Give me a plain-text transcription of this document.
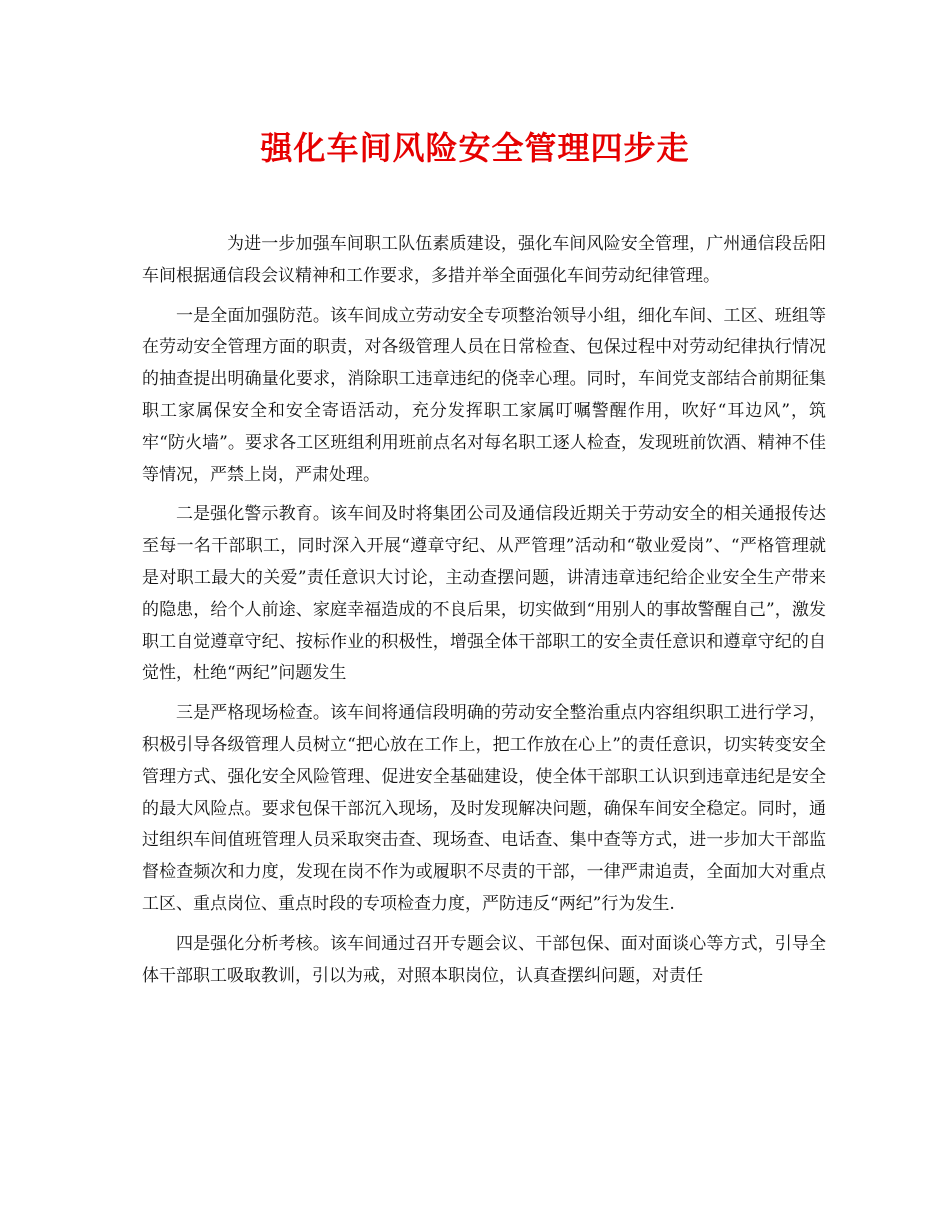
强化车间风险安全管理四步走

为进一步加强车间职工队伍素质建设，强化车间风险安全管理，广州通信段岳阳车间根据通信段会议精神和工作要求，多措并举全面强化车间劳动纪律管理。

一是全面加强防范。该车间成立劳动安全专项整治领导小组，细化车间、工区、班组等在劳动安全管理方面的职责，对各级管理人员在日常检查、包保过程中对劳动纪律执行情况的抽查提出明确量化要求，消除职工违章违纪的侥幸心理。同时，车间党支部结合前期征集职工家属保安全和安全寄语活动，充分发挥职工家属叮嘱警醒作用，吹好“耳边风”，筑牢“防火墙”。要求各工区班组利用班前点名对每名职工逐人检查，发现班前饮酒、精神不佳等情况，严禁上岗，严肃处理。

二是强化警示教育。该车间及时将集团公司及通信段近期关于劳动安全的相关通报传达至每一名干部职工，同时深入开展“遵章守纪、从严管理”活动和“敬业爱岗”、“严格管理就是对职工最大的关爱”责任意识大讨论，主动查摆问题，讲清违章违纪给企业安全生产带来的隐患，给个人前途、家庭幸福造成的不良后果，切实做到“用别人的事故警醒自己”，激发职工自觉遵章守纪、按标作业的积极性，增强全体干部职工的安全责任意识和遵章守纪的自觉性，杜绝“两纪”问题发生

三是严格现场检查。该车间将通信段明确的劳动安全整治重点内容组织职工进行学习，积极引导各级管理人员树立“把心放在工作上，把工作放在心上”的责任意识，切实转变安全管理方式、强化安全风险管理、促进安全基础建设，使全体干部职工认识到违章违纪是安全的最大风险点。要求包保干部沉入现场，及时发现解决问题，确保车间安全稳定。同时，通过组织车间值班管理人员采取突击查、现场查、电话查、集中查等方式，进一步加大干部监督检查频次和力度，发现在岗不作为或履职不尽责的干部，一律严肃追责，全面加大对重点工区、重点岗位、重点时段的专项检查力度，严防违反“两纪”行为发生.

四是强化分析考核。该车间通过召开专题会议、干部包保、面对面谈心等方式，引导全体干部职工吸取教训，引以为戒，对照本职岗位，认真查摆纠问题，对责任
